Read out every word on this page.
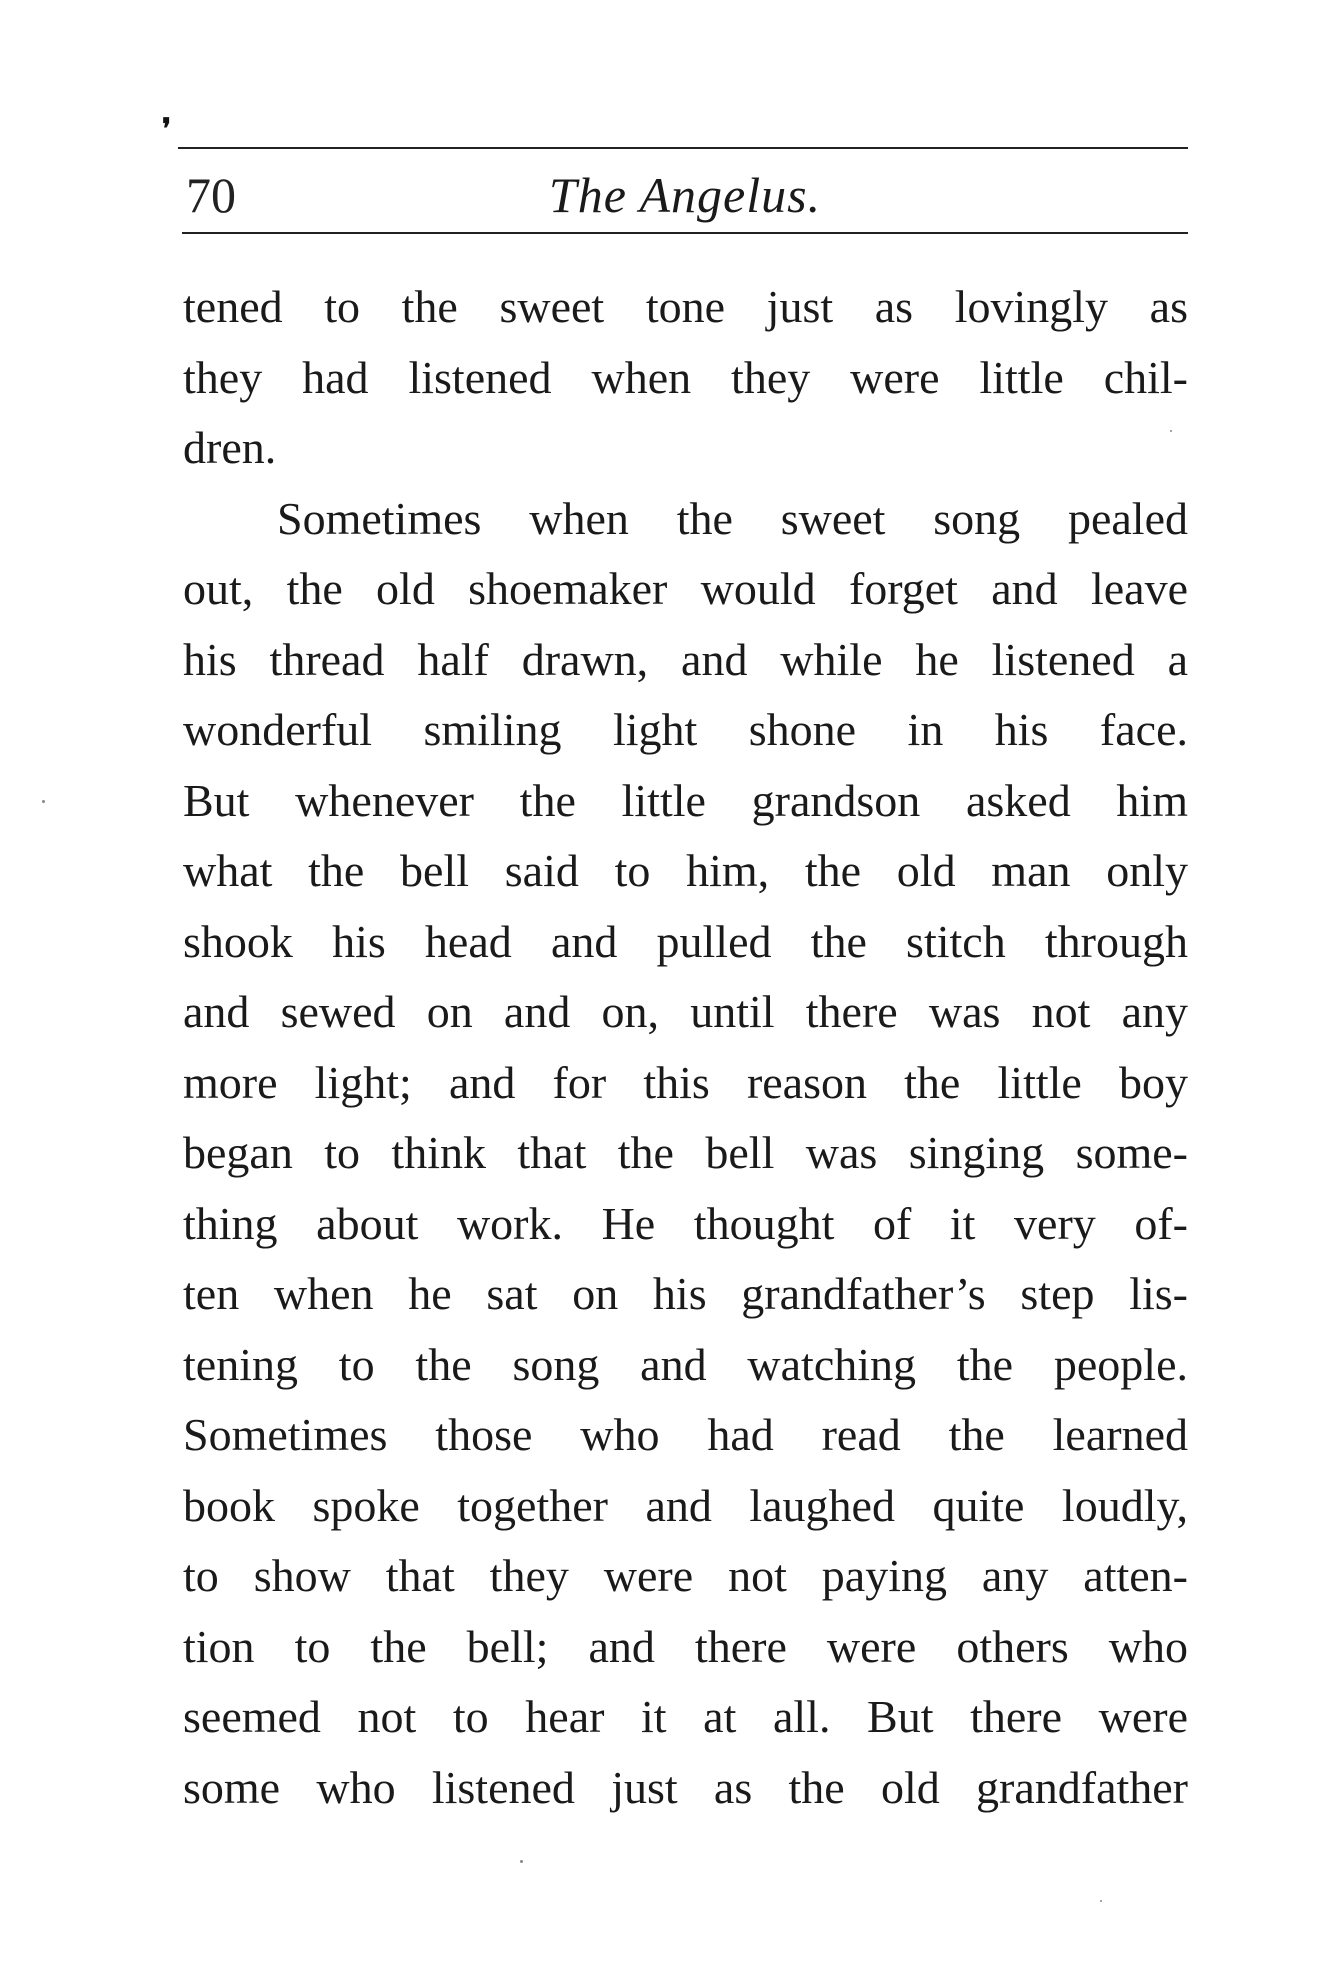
❜
70	The Angelus.
tened to the sweet tone just as lovingly as
they had listened when they were little chil-
dren.
Sometimes when the sweet song pealed
out, the old shoemaker would forget and leave
his thread half drawn, and while he listened a
wonderful smiling light shone in his face.
But whenever the little grandson asked him
what the bell said to him, the old man only
shook his head and pulled the stitch through
and sewed on and on, until there was not any
more light; and for this reason the little boy
began to think that the bell was singing some-
thing about work. He thought of it very of-
ten when he sat on his grandfather’s step lis-
tening to the song and watching the people.
Sometimes those who had read the learned
book spoke together and laughed quite loudly,
to show that they were not paying any atten-
tion to the bell; and there were others who
seemed not to hear it at all. But there were
some who listened just as the old grandfather
